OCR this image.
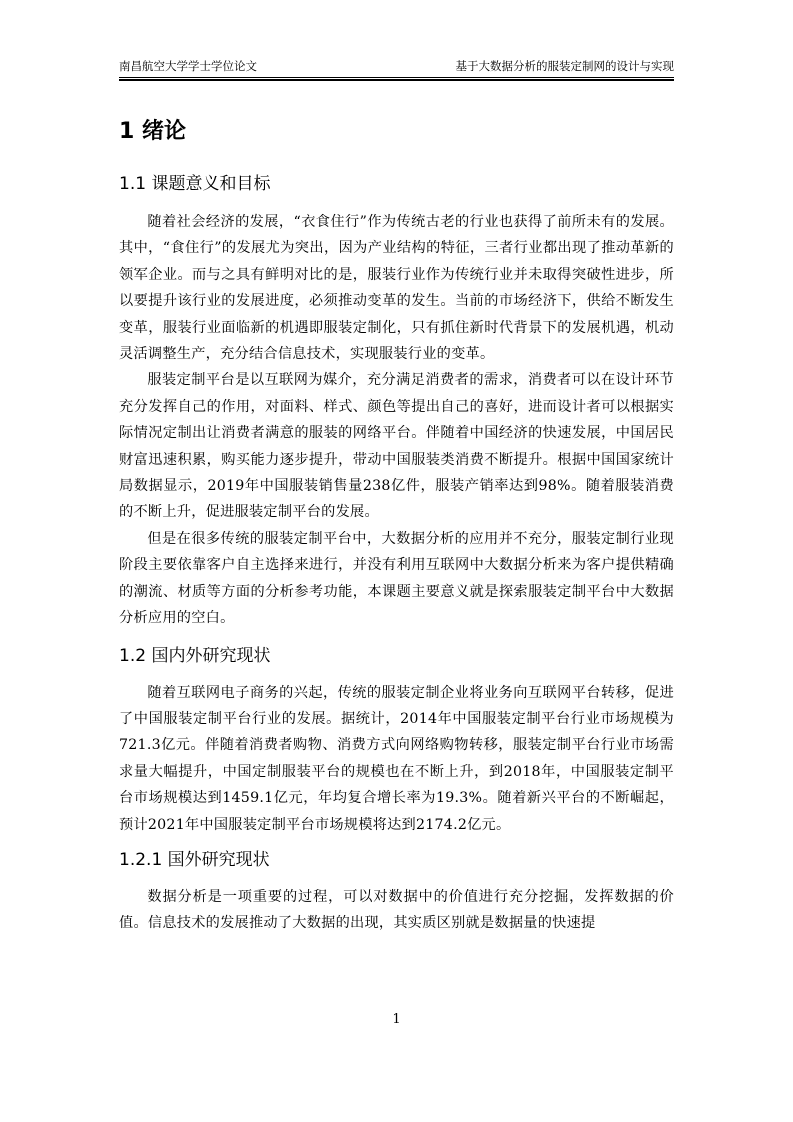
南昌航空大学学士学位论文	基于大数据分析的服装定制网的设计与实现
1 绪论
1.1 课题意义和目标

随着社会经济的发展，“衣食住行”作为传统古老的行业也获得了前所未有的发展。其中，“食住行”的发展尤为突出，因为产业结构的特征，三者行业都出现了推动革新的领军企业。而与之具有鲜明对比的是，服装行业作为传统行业并未取得突破性进步，所以要提升该行业的发展进度，必须推动变革的发生。当前的市场经济下，供给不断发生变革，服装行业面临新的机遇即服装定制化，只有抓住新时代背景下的发展机遇，机动灵活调整生产，充分结合信息技术，实现服装行业的变革。

服装定制平台是以互联网为媒介，充分满足消费者的需求，消费者可以在设计环节充分发挥自己的作用，对面料、样式、颜色等提出自己的喜好，进而设计者可以根据实际情况定制出让消费者满意的服装的网络平台。伴随着中国经济的快速发展，中国居民财富迅速积累，购买能力逐步提升，带动中国服装类消费不断提升。根据中国国家统计局数据显示，2019年中国服装销售量238亿件，服装产销率达到98%。随着服装消费的不断上升，促进服装定制平台的发展。

但是在很多传统的服装定制平台中，大数据分析的应用并不充分，服装定制行业现阶段主要依靠客户自主选择来进行，并没有利用互联网中大数据分析来为客户提供精确的潮流、材质等方面的分析参考功能，本课题主要意义就是探索服装定制平台中大数据分析应用的空白。

1.2 国内外研究现状

随着互联网电子商务的兴起，传统的服装定制企业将业务向互联网平台转移，促进了中国服装定制平台行业的发展。据统计，2014年中国服装定制平台行业市场规模为721.3亿元。伴随着消费者购物、消费方式向网络购物转移，服装定制平台行业市场需求量大幅提升，中国定制服装平台的规模也在不断上升，到2018年，中国服装定制平台市场规模达到1459.1亿元，年均复合增长率为19.3%。随着新兴平台的不断崛起，预计2021年中国服装定制平台市场规模将达到2174.2亿元。

1.2.1 国外研究现状

数据分析是一项重要的过程，可以对数据中的价值进行充分挖掘，发挥数据的价值。信息技术的发展推动了大数据的出现，其实质区别就是数据量的快速提

1
